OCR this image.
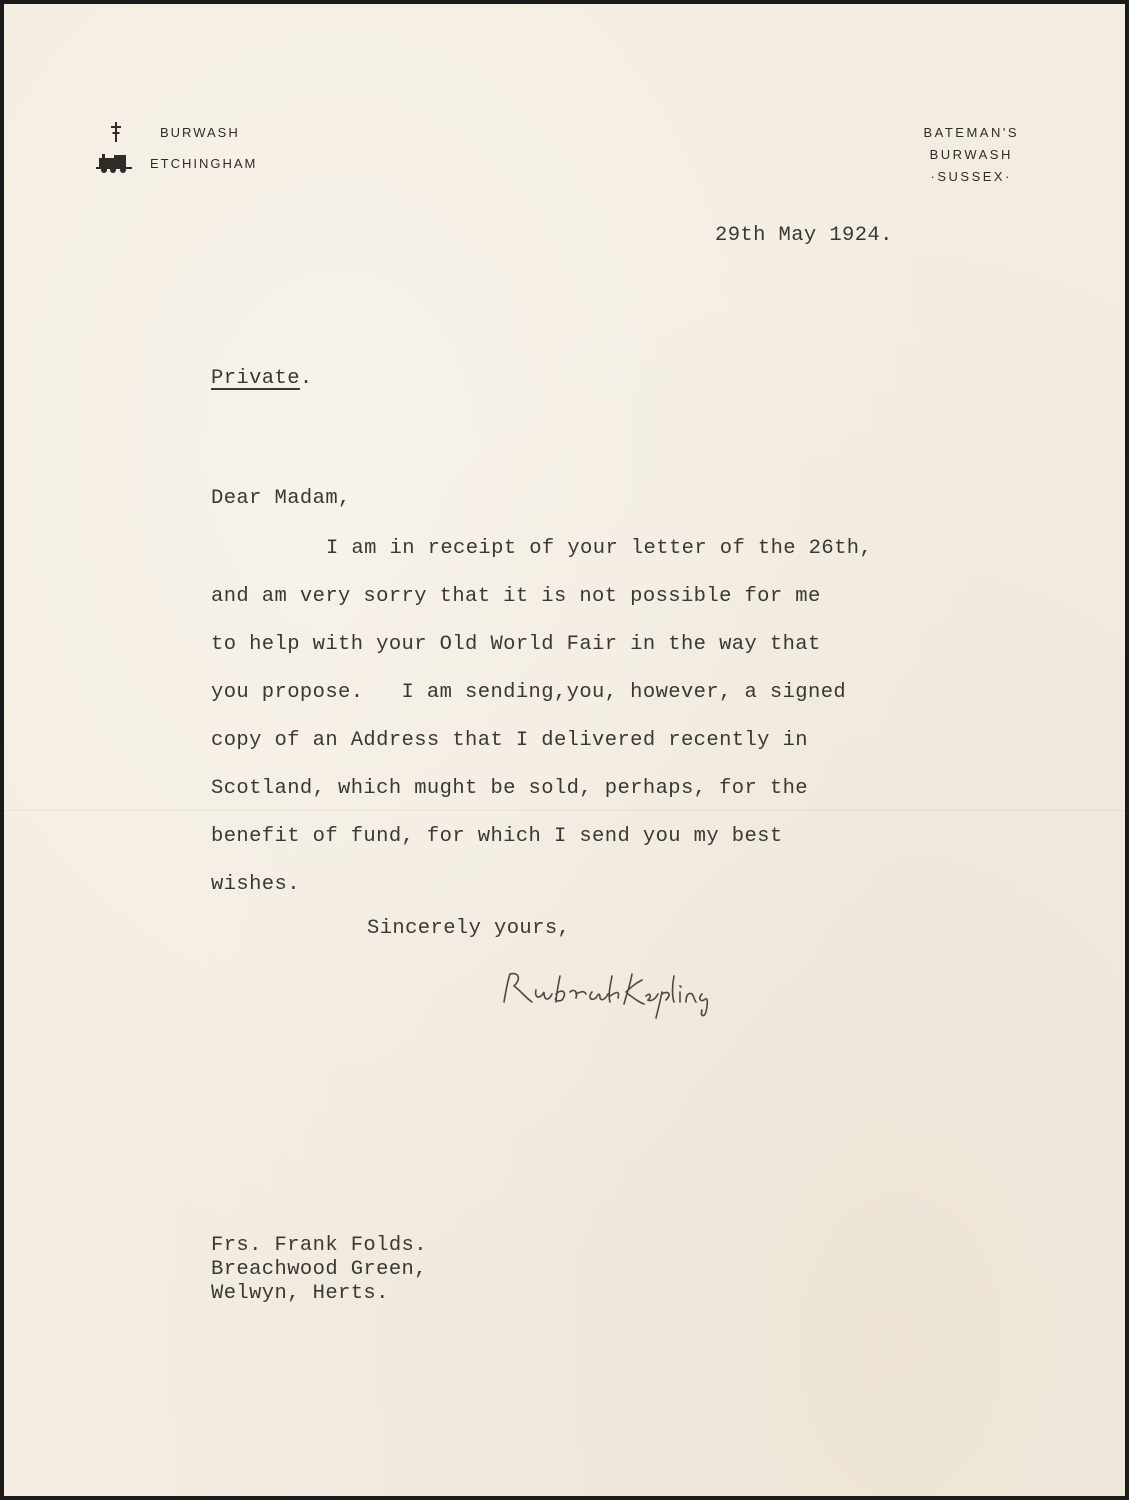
BURWASH
ETCHINGHAM
BATEMAN'S
BURWASH
·SUSSEX·
29th May 1924.
Private.
Dear Madam,
I am in receipt of your letter of the 26th,
and am very sorry that it is not possible for me
to help with your Old World Fair in the way that
you propose.   I am sending,you, however, a signed
copy of an Address that I delivered recently in
Scotland, which mught be sold, perhaps, for the
benefit of fund, for which I send you my best
wishes.
Sincerely yours,
Frs. Frank Folds.
Breachwood Green,
Welwyn, Herts.
